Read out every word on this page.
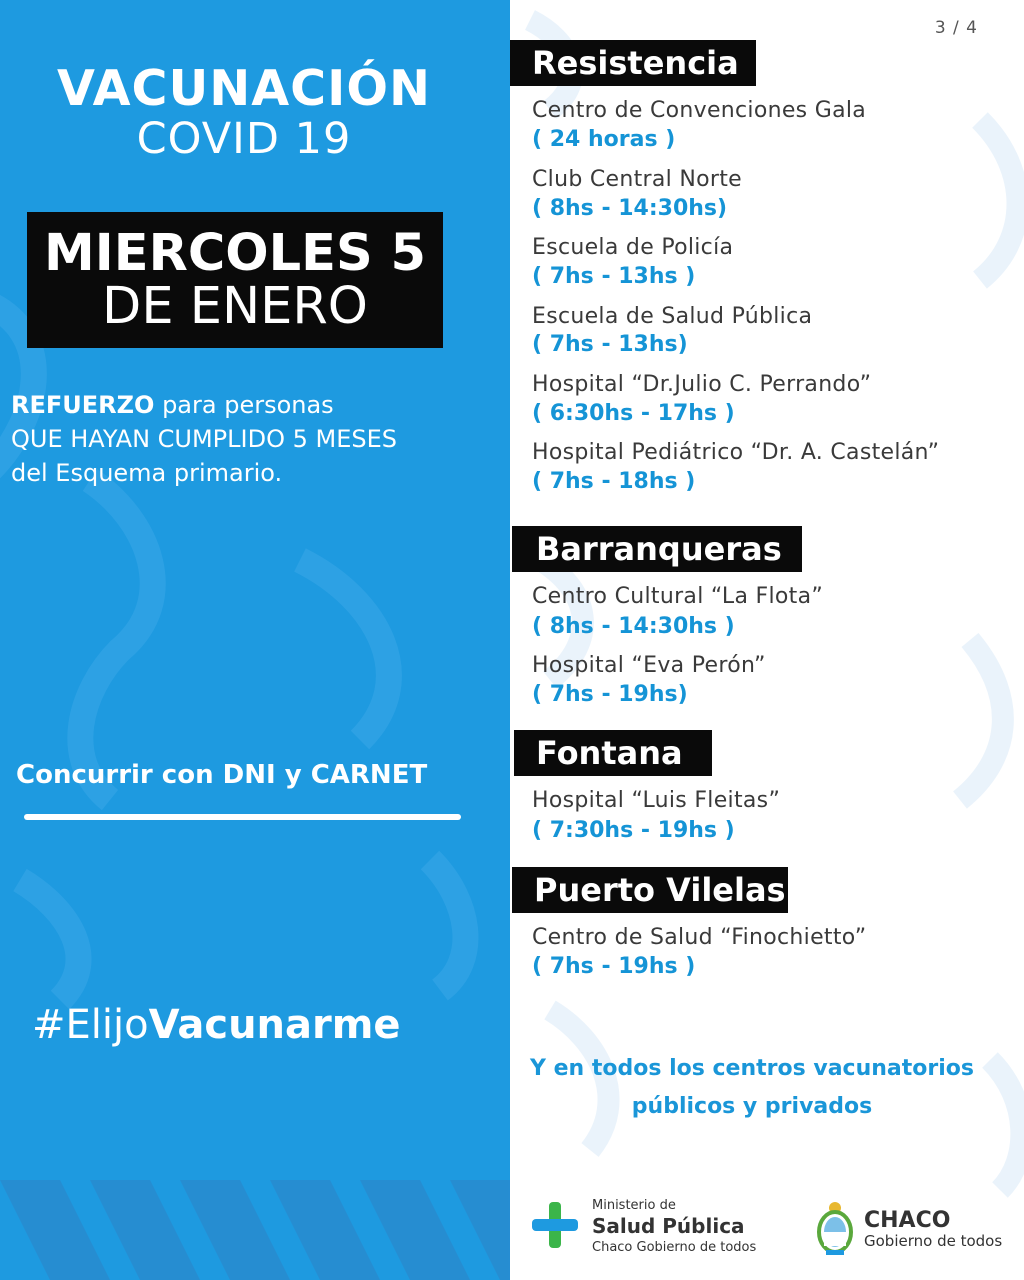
VACUNACIÓN
COVID 19
MIERCOLES 5
DE ENERO
REFUERZO para personas
QUE HAYAN CUMPLIDO 5 MESES
del Esquema primario.
Concurrir con DNI y CARNET
#ElijoVacunarme
3 / 4
Resistencia
Centro de Convenciones Gala
( 24 horas )
Club Central Norte
( 8hs - 14:30hs)
Escuela de Policía
( 7hs - 13hs )
Escuela de Salud Pública
( 7hs - 13hs)
Hospital “Dr.Julio C. Perrando”
( 6:30hs - 17hs )
Hospital Pediátrico “Dr. A. Castelán”
( 7hs - 18hs )
Barranqueras
Centro Cultural “La Flota”
( 8hs - 14:30hs )
Hospital “Eva Perón”
( 7hs - 19hs)
Fontana
Hospital “Luis Fleitas”
( 7:30hs - 19hs )
Puerto Vilelas
Centro de Salud “Finochietto”
( 7hs - 19hs )
Y en todos los centros vacunatorios
públicos y privados
Ministerio de
Salud Pública
Chaco Gobierno de todos
CHACO
Gobierno de todos
